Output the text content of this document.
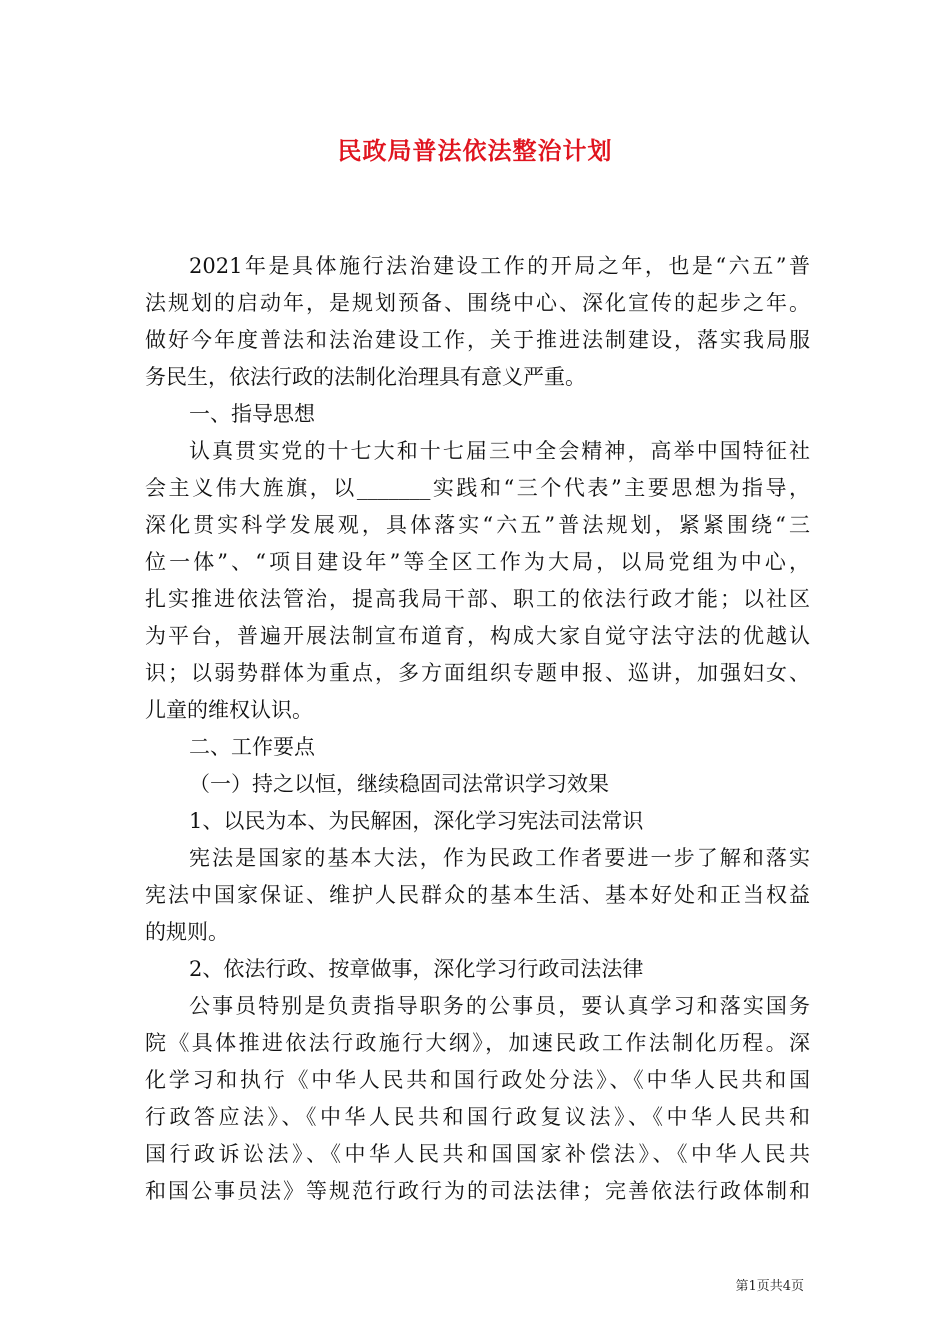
民政局普法依法整治计划
2021年是具体施行法治建设工作的开局之年，也是“六五”普
法规划的启动年，是规划预备、围绕中心、深化宣传的起步之年。
做好今年度普法和法治建设工作，关于推进法制建设，落实我局服
务民生，依法行政的法制化治理具有意义严重。
一、指导思想
认真贯实党的十七大和十七届三中全会精神，高举中国特征社
会主义伟大旌旗，以_______实践和“三个代表”主要思想为指导，
深化贯实科学发展观，具体落实“六五”普法规划，紧紧围绕“三
位一体”、“项目建设年”等全区工作为大局，以局党组为中心，
扎实推进依法管治，提高我局干部、职工的依法行政才能；以社区
为平台，普遍开展法制宣布道育，构成大家自觉守法守法的优越认
识；以弱势群体为重点，多方面组织专题申报、巡讲，加强妇女、
儿童的维权认识。
二、工作要点
（一）持之以恒，继续稳固司法常识学习效果
1、以民为本、为民解困，深化学习宪法司法常识
宪法是国家的基本大法，作为民政工作者要进一步了解和落实
宪法中国家保证、维护人民群众的基本生活、基本好处和正当权益
的规则。
2、依法行政、按章做事，深化学习行政司法法律
公事员特别是负责指导职务的公事员，要认真学习和落实国务
院《具体推进依法行政施行大纲》，加速民政工作法制化历程。深
化学习和执行《中华人民共和国行政处分法》、《中华人民共和国
行政答应法》、《中华人民共和国行政复议法》、《中华人民共和
国行政诉讼法》、《中华人民共和国国家补偿法》、《中华人民共
和国公事员法》等规范行政行为的司法法律；完善依法行政体制和
第1页共4页
